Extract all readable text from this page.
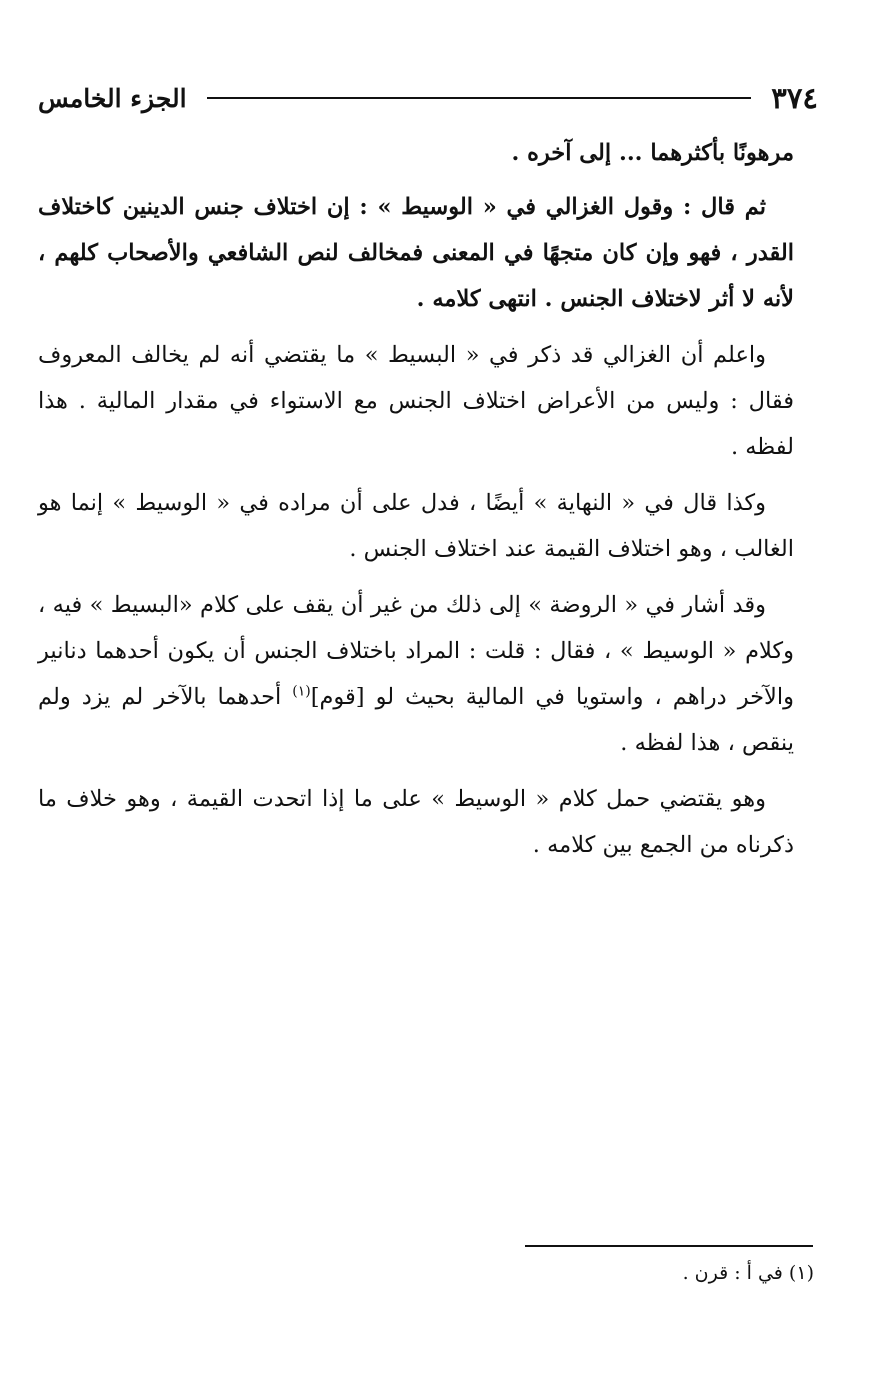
٣٧٤
الجزء الخامس

مرهونًا بأكثرهما ... إلى آخره .

ثم قال : وقول الغزالي في « الوسيط » : إن اختلاف جنس الدينين كاختلاف القدر ، فهو وإن كان متجهًا في المعنى فمخالف لنص الشافعي والأصحاب كلهم ، لأنه لا أثر لاختلاف الجنس . انتهى كلامه .

واعلم أن الغزالي قد ذكر في « البسيط » ما يقتضي أنه لم يخالف المعروف فقال : وليس من الأعراض اختلاف الجنس مع الاستواء في مقدار المالية . هذا لفظه .

وكذا قال في « النهاية » أيضًا ، فدل على أن مراده في « الوسيط » إنما هو الغالب ، وهو اختلاف القيمة عند اختلاف الجنس .

وقد أشار في « الروضة » إلى ذلك من غير أن يقف على كلام «البسيط » فيه ، وكلام « الوسيط » ، فقال : قلت : المراد باختلاف الجنس أن يكون أحدهما دنانير والآخر دراهم ، واستويا في المالية بحيث لو [قوم]$^{(١)}$ أحدهما بالآخر لم يزد ولم ينقص ، هذا لفظه .

وهو يقتضي حمل كلام « الوسيط » على ما إذا اتحدت القيمة ، وهو خلاف ما ذكرناه من الجمع بين كلامه .

(١) في أ : قرن .
